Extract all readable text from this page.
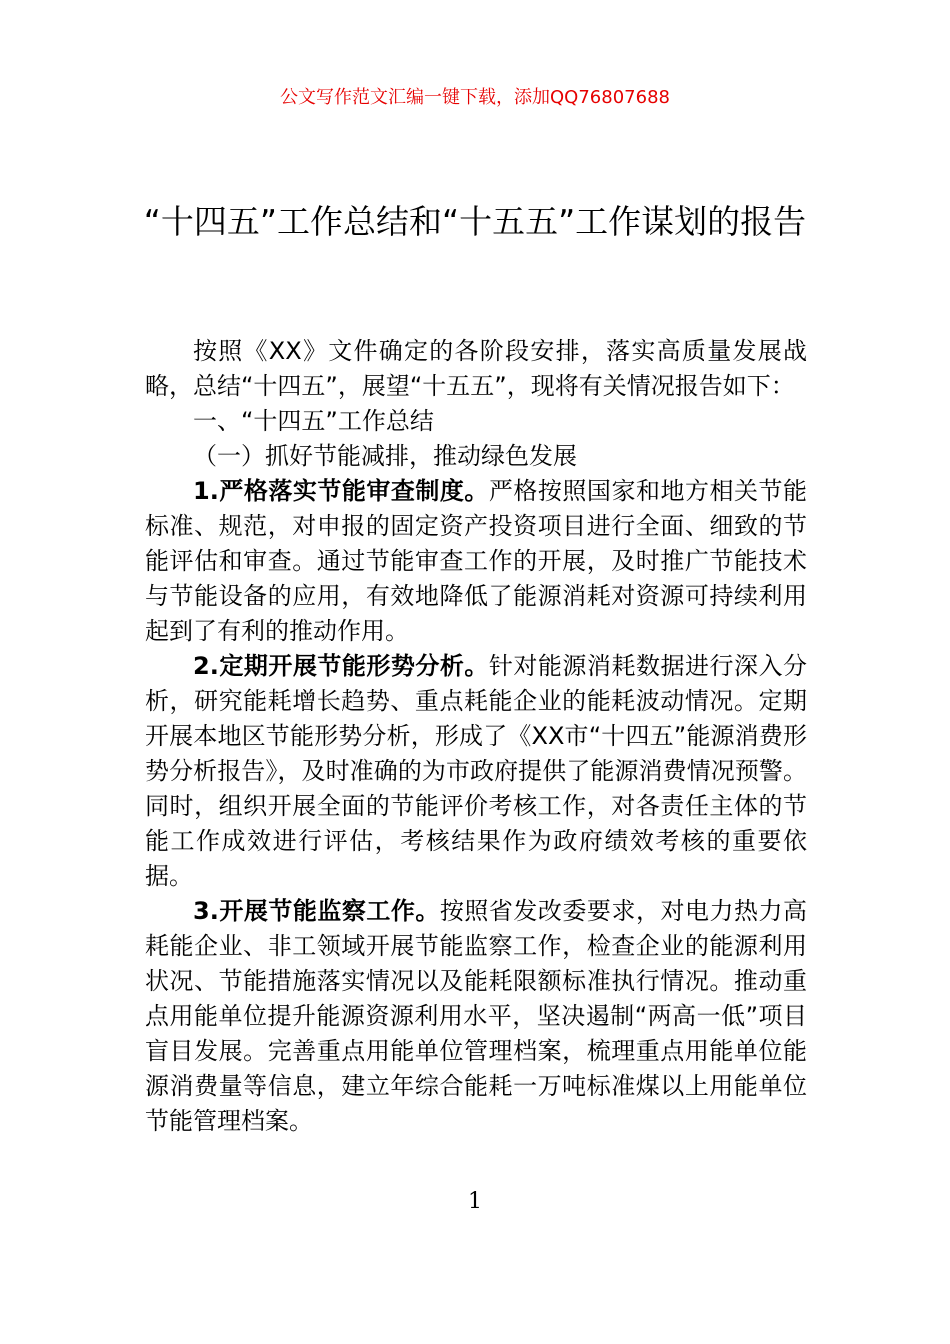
公文写作范文汇编一键下载，添加QQ76807688
“十四五”工作总结和“十五五”工作谋划的报告

按照《XX》文件确定的各阶段安排，落实高质量发展战略，总结“十四五”，展望“十五五”，现将有关情况报告如下：

一、“十四五”工作总结

（一）抓好节能减排，推动绿色发展

1.严格落实节能审查制度。严格按照国家和地方相关节能标准、规范，对申报的固定资产投资项目进行全面、细致的节能评估和审查。通过节能审查工作的开展，及时推广节能技术与节能设备的应用，有效地降低了能源消耗对资源可持续利用起到了有利的推动作用。

2.定期开展节能形势分析。针对能源消耗数据进行深入分析，研究能耗增长趋势、重点耗能企业的能耗波动情况。定期开展本地区节能形势分析，形成了《XX市“十四五”能源消费形势分析报告》，及时准确的为市政府提供了能源消费情况预警。同时，组织开展全面的节能评价考核工作，对各责任主体的节能工作成效进行评估，考核结果作为政府绩效考核的重要依据。

3.开展节能监察工作。按照省发改委要求，对电力热力高耗能企业、非工领域开展节能监察工作，检查企业的能源利用状况、节能措施落实情况以及能耗限额标准执行情况。推动重点用能单位提升能源资源利用水平，坚决遏制“两高一低”项目盲目发展。完善重点用能单位管理档案，梳理重点用能单位能源消费量等信息，建立年综合能耗一万吨标准煤以上用能单位节能管理档案。

1
